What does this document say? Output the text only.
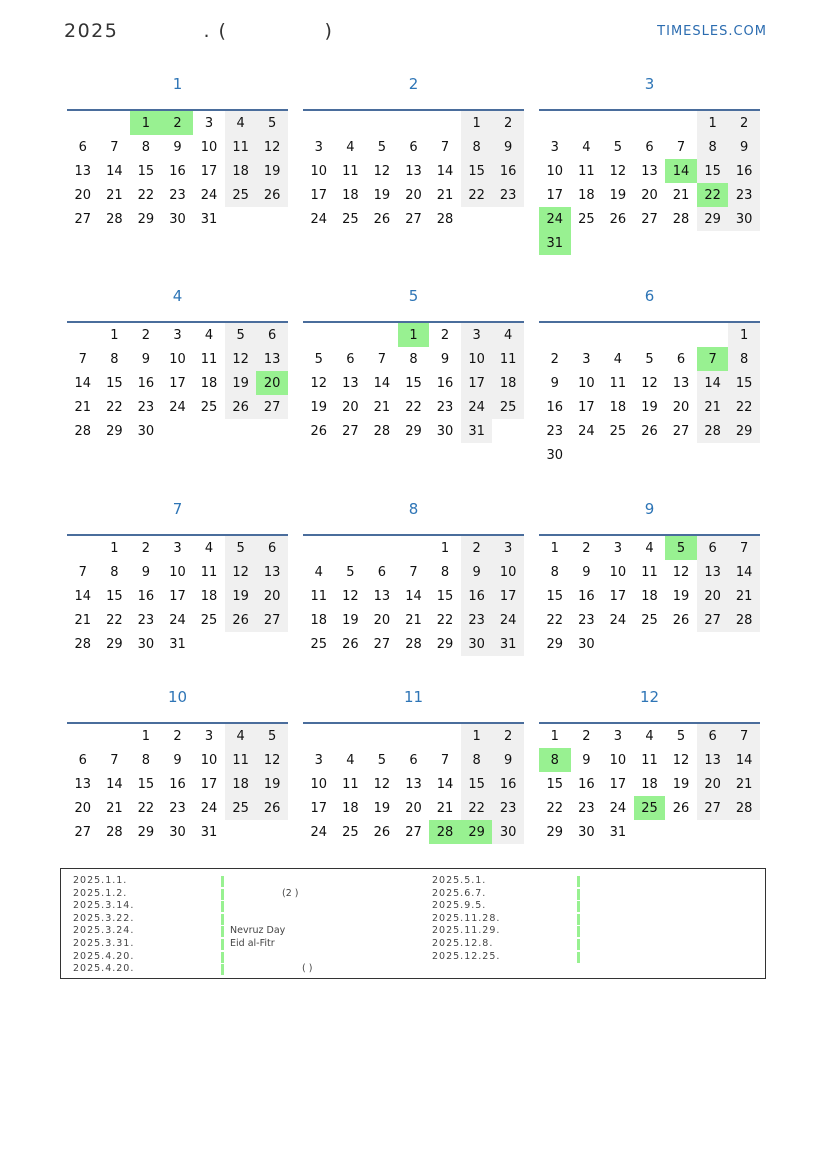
2025	. (	)	TIMESLES.COM
1
		1	2	3	4	5
6	7	8	9	10	11	12
13	14	15	16	17	18	19
20	21	22	23	24	25	26
27	28	29	30	31		
2
					1	2
3	4	5	6	7	8	9
10	11	12	13	14	15	16
17	18	19	20	21	22	23
24	25	26	27	28		
3
					1	2
3	4	5	6	7	8	9
10	11	12	13	14	15	16
17	18	19	20	21	22	23
24	25	26	27	28	29	30
31						
4
	1	2	3	4	5	6
7	8	9	10	11	12	13
14	15	16	17	18	19	20
21	22	23	24	25	26	27
28	29	30				
5
			1	2	3	4
5	6	7	8	9	10	11
12	13	14	15	16	17	18
19	20	21	22	23	24	25
26	27	28	29	30	31	
6
						1
2	3	4	5	6	7	8
9	10	11	12	13	14	15
16	17	18	19	20	21	22
23	24	25	26	27	28	29
30						
7
	1	2	3	4	5	6
7	8	9	10	11	12	13
14	15	16	17	18	19	20
21	22	23	24	25	26	27
28	29	30	31			
8
				1	2	3
4	5	6	7	8	9	10
11	12	13	14	15	16	17
18	19	20	21	22	23	24
25	26	27	28	29	30	31
9
1	2	3	4	5	6	7
8	9	10	11	12	13	14
15	16	17	18	19	20	21
22	23	24	25	26	27	28
29	30					
10
		1	2	3	4	5
6	7	8	9	10	11	12
13	14	15	16	17	18	19
20	21	22	23	24	25	26
27	28	29	30	31		
11
					1	2
3	4	5	6	7	8	9
10	11	12	13	14	15	16
17	18	19	20	21	22	23
24	25	26	27	28	29	30
12
1	2	3	4	5	6	7
8	9	10	11	12	13	14
15	16	17	18	19	20	21
22	23	24	25	26	27	28
29	30	31				
2025.1.1.
2025.1.2.	(2 )
2025.3.14.
2025.3.22.
2025.3.24.	Nevruz Day
2025.3.31.	Eid al-Fitr
2025.4.20.
2025.4.20.	( )
2025.5.1.
2025.6.7.
2025.9.5.
2025.11.28.
2025.11.29.
2025.12.8.
2025.12.25.
